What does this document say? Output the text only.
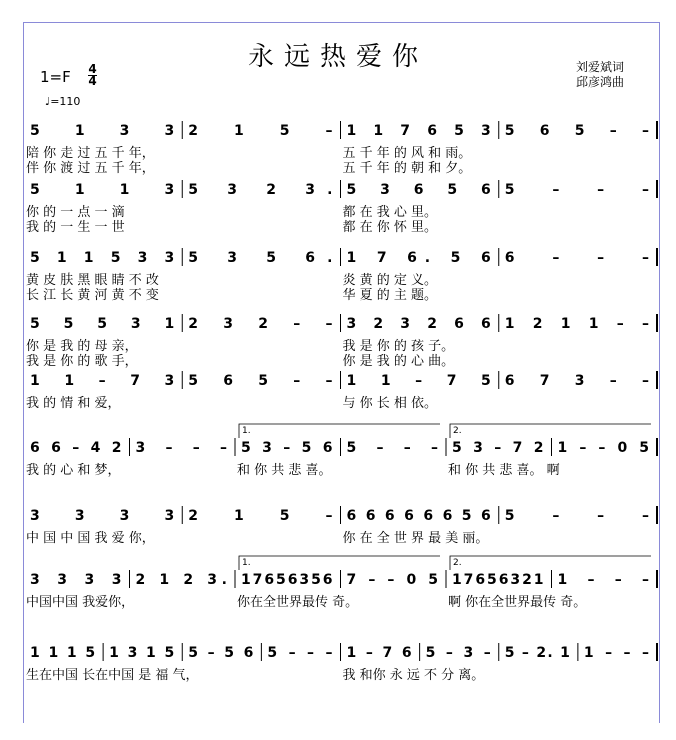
永远热爱你	刘爱斌词
邱彦鸿曲
1=F 4
4
♩=110
5 1 3 3 2 1 5 – 1 1 7 6 5 3 5 6 5 – –
陪 你 走 过 五 千 年，	五 千 年 的 风 和 雨。
伴 你 渡 过 五 千 年，	五 千 年 的 朝 和 夕。
5 1 1 3 5 3 2 3. 5 3 6 5 6 5 – – –
你 的 一 点 一 滴	都 在 我 心 里。
我 的 一 生 一 世	都 在 你 怀 里。
5 1 1 5 3 3 5 3 5 6. 1 7 6. 5 6 6 – – –
黄 皮 肤 黑 眼 睛 不 改	炎 黄 的 定 义。
长 江 长 黄 河 黄 不 变	华 夏 的 主 题。
5 5 5 3 1 2 3 2 – – 3 2 3 2 6 6 1 2 1 1 – –
你 是 我 的 母 亲，	我 是 你 的 孩 子。
我 是 你 的 歌 手，	你 是 我 的 心 曲。
1 1 – 7 3 5 6 5 – – 1 1 – 7 5 6 7 3 – –
我 的 情 和 爱，	与 你 长 相 依。
6 6 – 4 2 3 – – – 5 3 – 5 6 5 – – – 5 3 – 7 2 1 – – 0 5
我 的 心 和 梦，	和 你 共 悲 喜。	和 你 共 悲 喜。 啊
1.	2.
3 3 3 3 2 1 5 – 6 6 6 6 6 6 5 6 5 – – –
中 国 中 国 我 爱 你，	你 在 全 世 界 最 美 丽。
3 3 3 3 2 1 2 3. 1 7 6 5 6 3 5 6 7 – – 0 5 1 7 6 5 6 3 2 1 1 – – –
中国中国 我爱你，	你在全世界最传 奇。	啊 你在全世界最传 奇。
1.	2.
1 1 1 5 1 3 1 5 5 – 5 6 5 – – – 1 – 7 6 5 – 3 – 5 – 2. 1 1 – – –
生在中国 长在中国 是 福 气，	我 和你 永 远 不 分 离。
